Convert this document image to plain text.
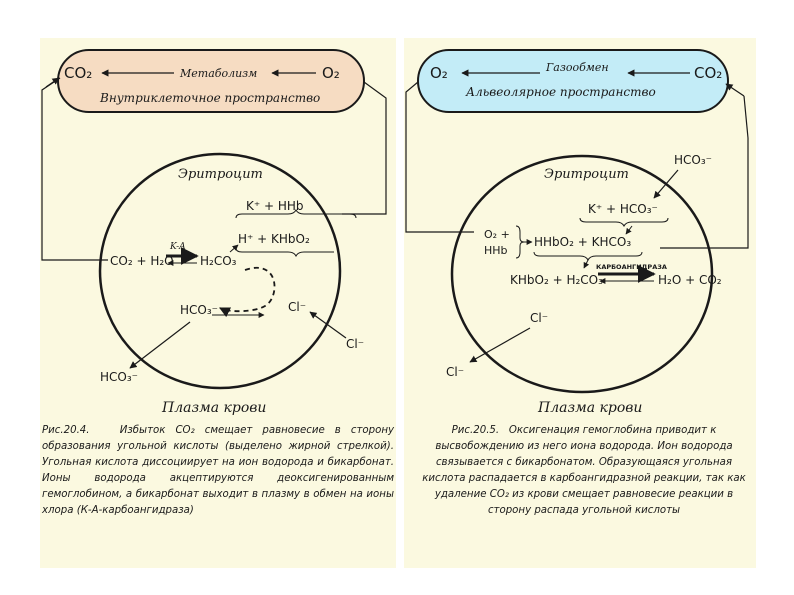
CO₂	Метаболизм	O₂
Внутриклеточное пространство
Эритроцит
K⁺ + HHb
H⁺ + KHbO₂
CO₂ + H₂O
K-A
H₂CO₃
HCO₃⁻
HCO₃⁻
Cl⁻
Cl⁻
Плазма крови
Рис.20.4.	Избыток CO₂ смещает равновесие в сторону образования угольной кислоты (выделено жирной стрелкой). Угольная кислота диссоциирует на ион водорода и бикарбонат. Ионы водорода акцептируются деоксигенированным гемоглобином, а бикарбонат выходит в плазму в обмен на ионы хлора (К-А-карбоангидраза)
O₂	Газообмен	CO₂
Альвеолярное пространство
Эритроцит
HCO₃⁻
K⁺ + HCO₃⁻
O₂ +
HHb
HHbO₂ + KHCO₃
KHbO₂ + H₂CO₃
КАРБОАНГИДРАЗА
H₂O + CO₂
Cl⁻
Cl⁻
Плазма крови
Рис.20.5. Оксигенация гемоглобина приводит к высвобождению из него иона водорода. Ион водорода связывается с бикарбонатом. Образующаяся угольная кислота распадается в карбоангидразной реакции, так как удаление CO₂ из крови смещает равновесие реакции в сторону распада угольной кислоты
